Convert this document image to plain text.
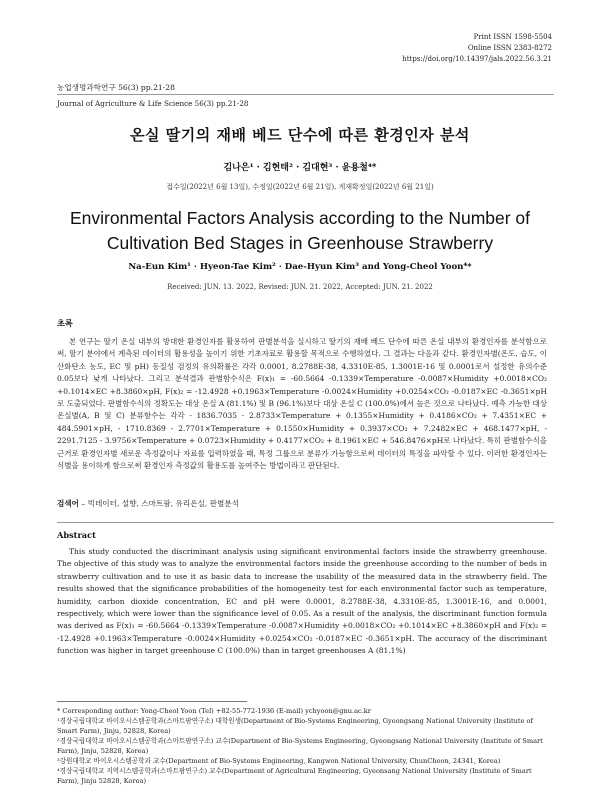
Print ISSN 1598-5504
Online ISSN 2383-8272
https://doi.org/10.14397/jals.2022.56.3.21
농업생명과학연구 56(3) pp.21-28
Journal of Agriculture & Life Science 56(3) pp.21-28
온실 딸기의 재배 베드 단수에 따른 환경인자 분석
김나은¹ · 김현태² · 김대현³ · 윤용철⁴*
접수일(2022년 6월 13일), 수정일(2022년 6월 21일), 게재확정일(2022년 6월 21일)
Environmental Factors Analysis according to the Number of
Cultivation Bed Stages in Greenhouse Strawberry
Na-Eun Kim¹ · Hyeon-Tae Kim² · Dae-Hyun Kim³ and Yong-Cheol Yoon⁴*
Received: JUN. 13. 2022, Revised: JUN. 21. 2022, Accepted: JUN. 21. 2022
초록
본 연구는 딸기 온실 내부의 방대한 환경인자를 활용하여 판별분석을 실시하고 딸기의 재배 베드 단수에 따른 온실 내부의 환경인자를 분석함으로써, 딸기 분야에서 계측된 데이터의 활용성을 높이기 위한 기초자료로 활용할 목적으로 수행하였다. 그 결과는 다음과 같다. 환경인자별(온도, 습도, 이산화탄소 농도, EC 및 pH) 동질성 검정의 유의확률은 각각 0.0001, 8.2788E-38, 4.3310E-85, 1.3001E-16 및 0.0001로서 설정한 유의수준 0.05보다 낮게 나타났다. 그리고 분석결과 판별함수식은 F(x)₁ = -60.5664 -0.1339×Temperature -0.0087×Humidity +0.0018×CO₂ +0.1014×EC +8.3860×pH, F(x)₂ = -12.4928 +0.1963×Temperature -0.0024×Humidity +0.0254×CO₂ -0.0187×EC -0.3651×pH로 도출되었다. 판별함수식의 정확도는 대상 온실 A (81.1%) 및 B (96.1%)보다 대상 온실 C (100.0%)에서 높은 것으로 나타났다. 예측 가능한 대상 온실별(A, B 및 C) 분류함수는 각각 - 1836.7035 - 2.8733×Temperature + 0.1355×Humidity + 0.4186×CO₂ + 7.4351×EC + 484.5901×pH, - 1710.8369 - 2.7701×Temperature + 0.1550×Humidity + 0.3937×CO₂ + 7.2482×EC + 468.1477×pH, - 2291.7125 - 3.9756×Temperature + 0.0723×Humidity + 0.4177×CO₂ + 8.1961×EC + 546.8476×pH로 나타났다. 특히 판별함수식을 근거로 환경인자별 새로운 측정값이나 자료를 입력하였을 때, 특정 그룹으로 분류가 가능함으로써 데이터의 특징을 파악할 수 있다. 이러한 환경인자는 식별을 용이하게 함으로써 환경인자 측정값의 활용도를 높여주는 방법이라고 판단된다.
검색어 – 빅데이터, 설향, 스마트팜, 유리온실, 판별분석
Abstract
This study conducted the discriminant analysis using significant environmental factors inside the strawberry greenhouse. The objective of this study was to analyze the environmental factors inside the greenhouse according to the number of beds in strawberry cultivation and to use it as basic data to increase the usability of the measured data in the strawberry field. The results showed that the significance probabilities of the homogeneity test for each environmental factor such as temperature, humidity, carbon dioxide concentration, EC and pH were 0.0001, 8.2788E-38, 4.3310E-85, 1.3001E-16, and 0.0001, respectively, which were lower than the significance level of 0.05. As a result of the analysis, the discriminant function formula was derived as F(x)₁ = -60.5664 -0.1339×Temperature -0.0087×Humidity +0.0018×CO₂ +0.1014×EC +8.3860×pH and F(x)₂ = -12.4928 +0.1963×Temperature -0.0024×Humidity +0.0254×CO₂ -0.0187×EC -0.3651×pH. The accuracy of the discriminant function was higher in target greenhouse C (100.0%) than in target greenhouses A (81.1%)

* Corresponding author: Yong-Cheol Yoon (Tel) +82-55-772-1936 (E-mail) ychyoon@gnu.ac.kr

¹경상국립대학교 바이오시스템공학과(스마트팜연구소) 대학원생(Department of Bio-Systems Engineering, Gyeongsang National University (Institute of Smart Farm), Jinju, 52828, Korea)

²경상국립대학교 바이오시스템공학과(스마트팜연구소) 교수(Department of Bio-Systems Engineering, Gyeongsang National University (Institute of Smart Farm), Jinju, 52828, Korea)

³강원대학교 바이오시스템공학과 교수(Department of Bio-Systems Engineering, Kangwon National University, ChunCheon, 24341, Korea)

⁴경상국립대학교 지역시스템공학과(스마트팜연구소) 교수(Department of Agricultural Engineering, Gyeonsang National University (Institute of Smart Farm), Jinju 52828, Korea)
